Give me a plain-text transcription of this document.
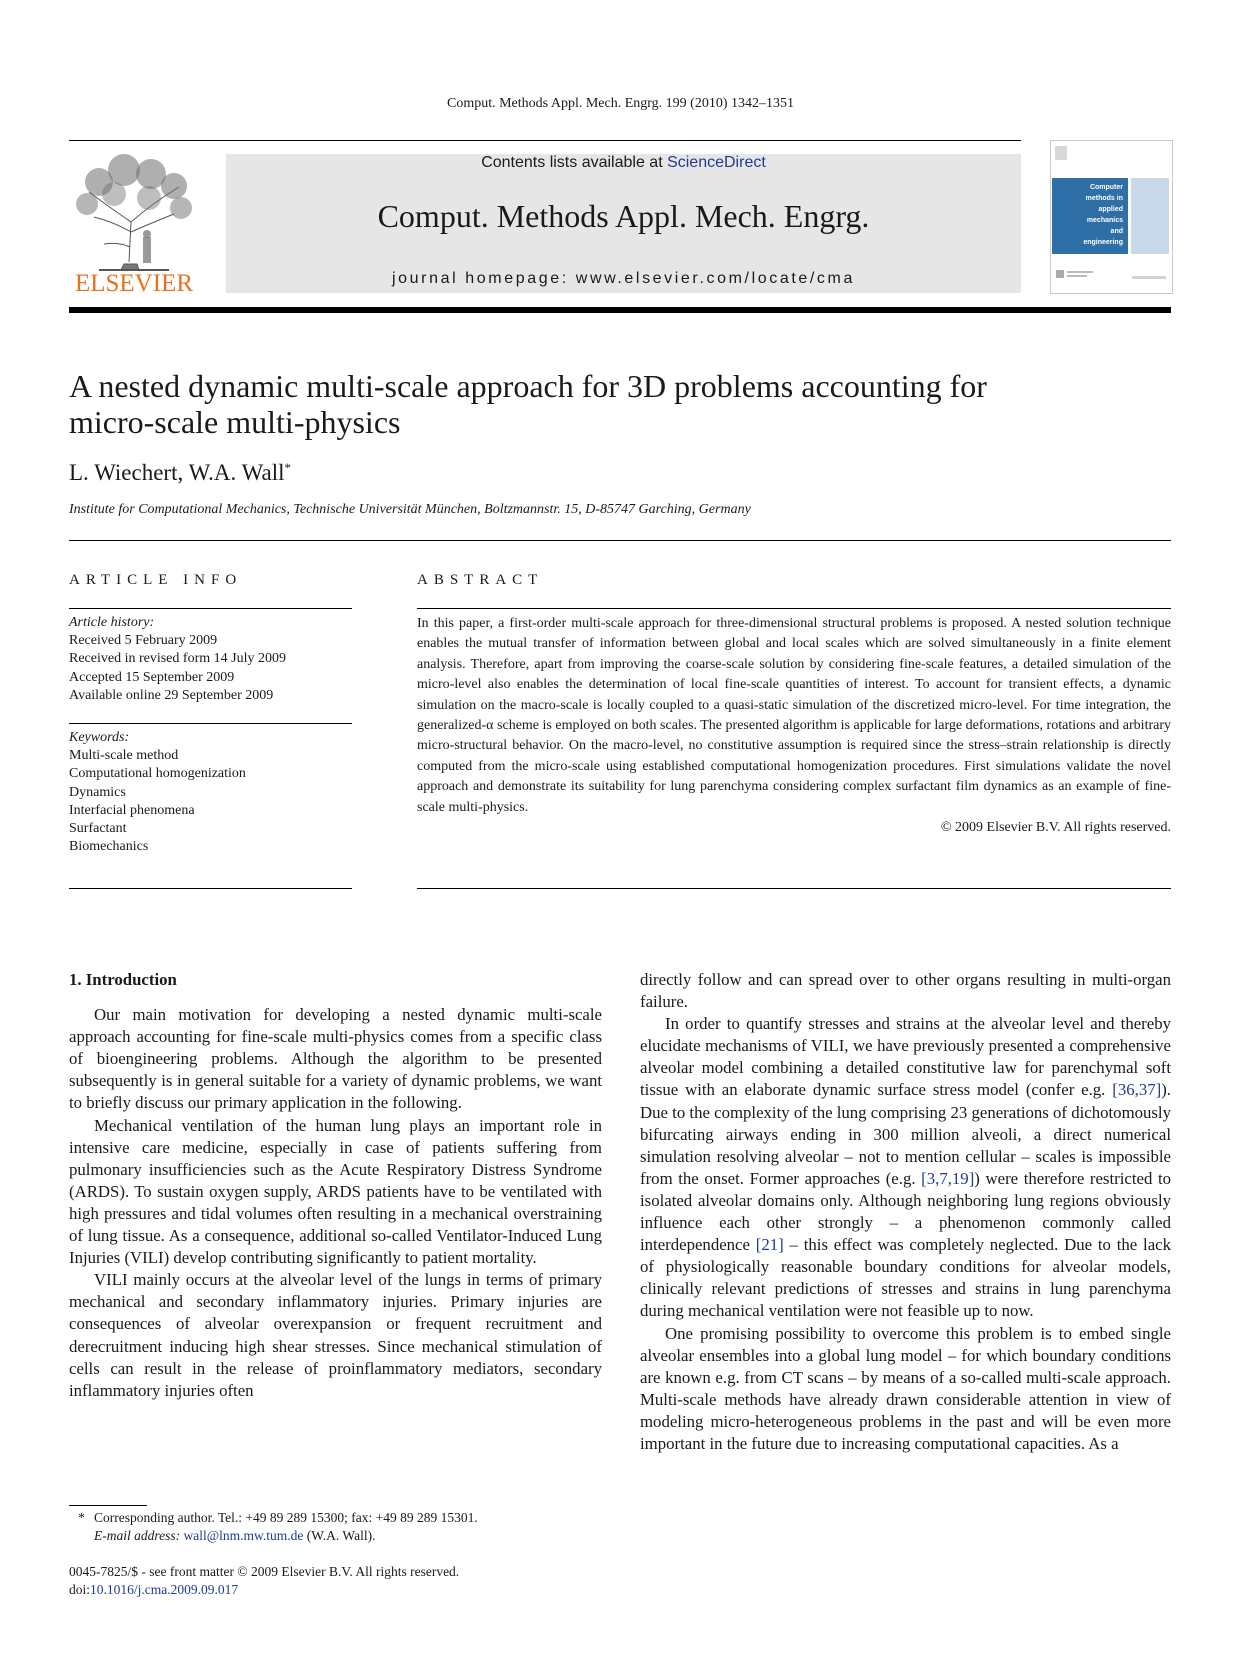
Comput. Methods Appl. Mech. Engrg. 199 (2010) 1342–1351
ELSEVIER
Contents lists available at ScienceDirect
Comput. Methods Appl. Mech. Engrg.
journal homepage: www.elsevier.com/locate/cma
Computer
methods in
applied
mechanics
and
engineering
A nested dynamic multi-scale approach for 3D problems accounting for micro-scale multi-physics
L. Wiechert, W.A. Wall*
Institute for Computational Mechanics, Technische Universität München, Boltzmannstr. 15, D-85747 Garching, Germany
ARTICLE INFO
Article history:
Received 5 February 2009
Received in revised form 14 July 2009
Accepted 15 September 2009
Available online 29 September 2009
Keywords:
Multi-scale method
Computational homogenization
Dynamics
Interfacial phenomena
Surfactant
Biomechanics
ABSTRACT
In this paper, a first-order multi-scale approach for three-dimensional structural problems is proposed. A nested solution technique enables the mutual transfer of information between global and local scales which are solved simultaneously in a finite element analysis. Therefore, apart from improving the coarse-scale solution by considering fine-scale features, a detailed simulation of the micro-level also enables the determination of local fine-scale quantities of interest. To account for transient effects, a dynamic simulation on the macro-scale is locally coupled to a quasi-static simulation of the discretized micro-level. For time integration, the generalized-α scheme is employed on both scales. The presented algorithm is applicable for large deformations, rotations and arbitrary micro-structural behavior. On the macro-level, no constitutive assumption is required since the stress–strain relationship is directly computed from the micro-scale using established computational homogenization procedures. First simulations validate the novel approach and demonstrate its suitability for lung parenchyma considering complex surfactant film dynamics as an example of fine-scale multi-physics.
© 2009 Elsevier B.V. All rights reserved.

1. Introduction

Our main motivation for developing a nested dynamic multi-scale approach accounting for fine-scale multi-physics comes from a specific class of bioengineering problems. Although the algorithm to be presented subsequently is in general suitable for a variety of dynamic problems, we want to briefly discuss our primary application in the following.

Mechanical ventilation of the human lung plays an important role in intensive care medicine, especially in case of patients suffering from pulmonary insufficiencies such as the Acute Respiratory Distress Syndrome (ARDS). To sustain oxygen supply, ARDS patients have to be ventilated with high pressures and tidal volumes often resulting in a mechanical overstraining of lung tissue. As a consequence, additional so-called Ventilator-Induced Lung Injuries (VILI) develop contributing significantly to patient mortality.

VILI mainly occurs at the alveolar level of the lungs in terms of primary mechanical and secondary inflammatory injuries. Primary injuries are consequences of alveolar overexpansion or frequent recruitment and derecruitment inducing high shear stresses. Since mechanical stimulation of cells can result in the release of proinflammatory mediators, secondary inflammatory injuries often

directly follow and can spread over to other organs resulting in multi-organ failure.

In order to quantify stresses and strains at the alveolar level and thereby elucidate mechanisms of VILI, we have previously presented a comprehensive alveolar model combining a detailed constitutive law for parenchymal soft tissue with an elaborate dynamic surface stress model (confer e.g. [36,37]). Due to the complexity of the lung comprising 23 generations of dichotomously bifurcating airways ending in 300 million alveoli, a direct numerical simulation resolving alveolar – not to mention cellular – scales is impossible from the onset. Former approaches (e.g. [3,7,19]) were therefore restricted to isolated alveolar domains only. Although neighboring lung regions obviously influence each other strongly – a phenomenon commonly called interdependence [21] – this effect was completely neglected. Due to the lack of physiologically reasonable boundary conditions for alveolar models, clinically relevant predictions of stresses and strains in lung parenchyma during mechanical ventilation were not feasible up to now.

One promising possibility to overcome this problem is to embed single alveolar ensembles into a global lung model – for which boundary conditions are known e.g. from CT scans – by means of a so-called multi-scale approach. Multi-scale methods have already drawn considerable attention in view of modeling micro-heterogeneous problems in the past and will be even more important in the future due to increasing computational capacities. As a

* Corresponding author. Tel.: +49 89 289 15300; fax: +49 89 289 15301.
E-mail address: wall@lnm.mw.tum.de (W.A. Wall).
0045-7825/$ - see front matter © 2009 Elsevier B.V. All rights reserved.
doi:10.1016/j.cma.2009.09.017
